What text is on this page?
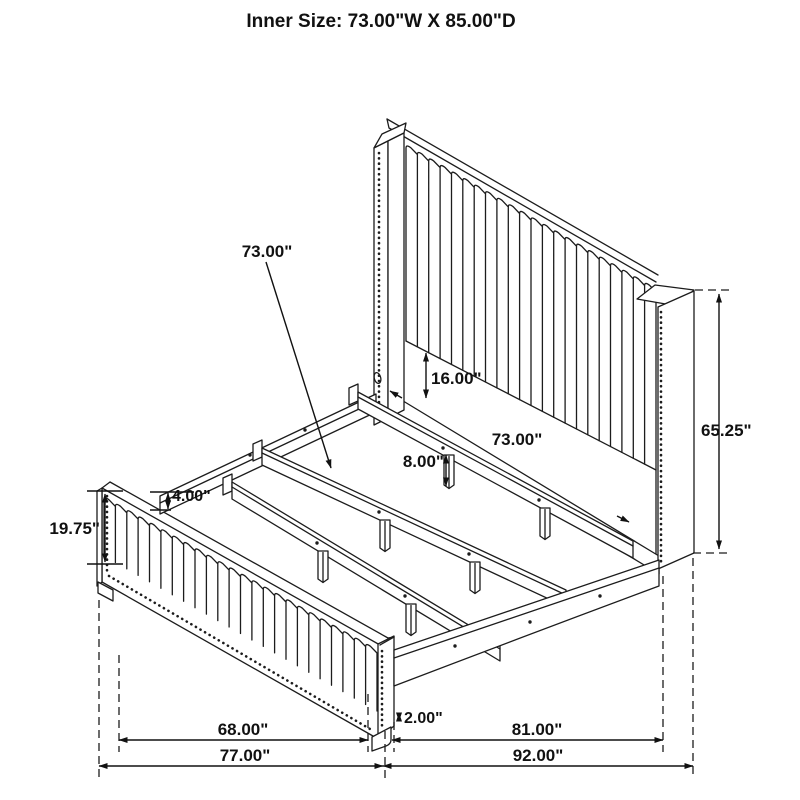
Inner Size: 73.00"W X 85.00"D
73.00"
16.00"
73.00"
8.00"
4.00"
19.75"
65.25"
2.00"
68.00"
77.00"
81.00"
92.00"
